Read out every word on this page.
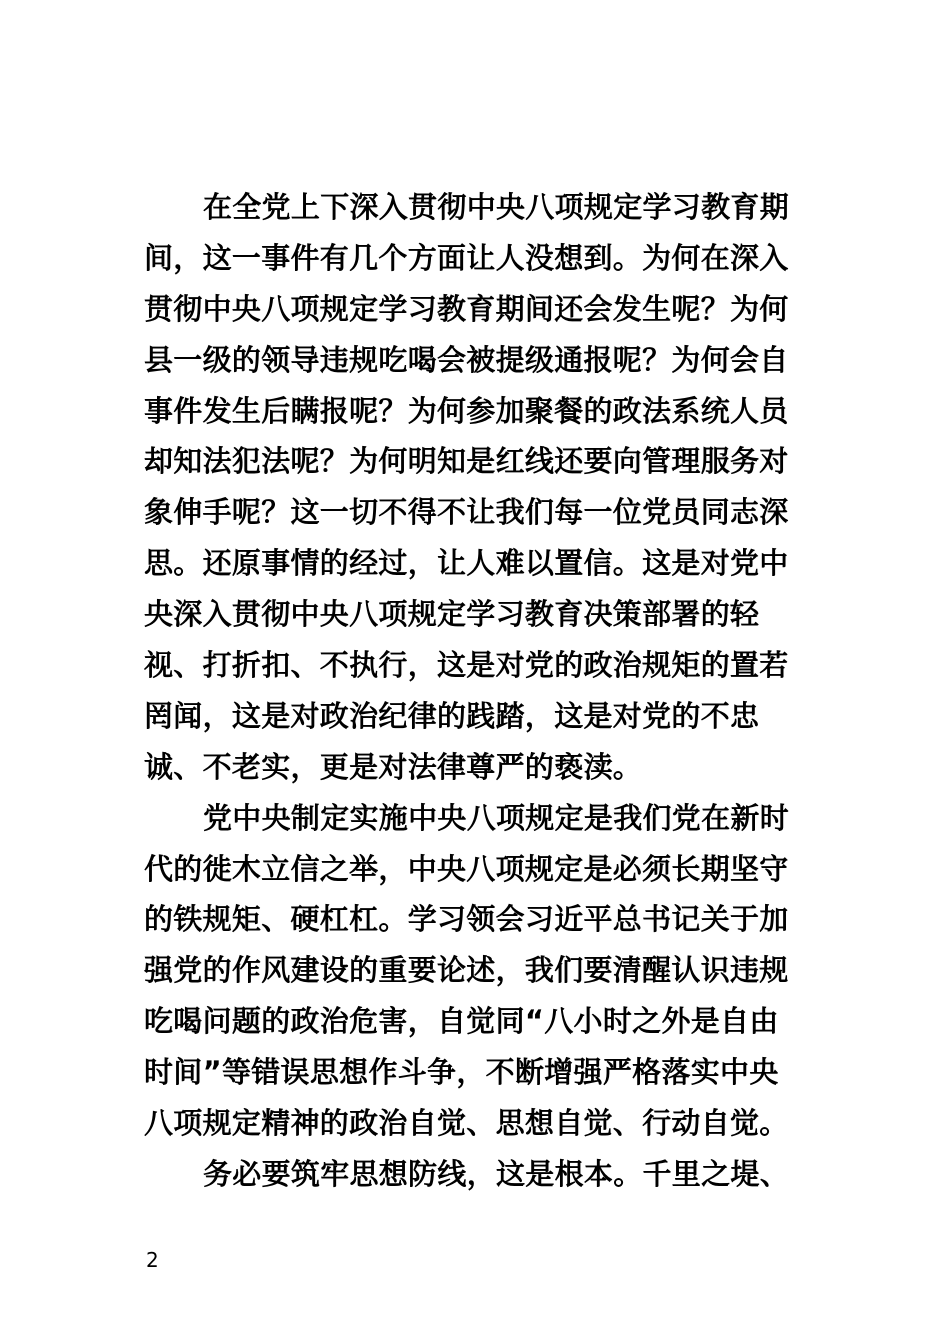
在全党上下深入贯彻中央八项规定学习教育期
间，这一事件有几个方面让人没想到。为何在深入
贯彻中央八项规定学习教育期间还会发生呢？为何
县一级的领导违规吃喝会被提级通报呢？为何会自
事件发生后瞒报呢？为何参加聚餐的政法系统人员
却知法犯法呢？为何明知是红线还要向管理服务对
象伸手呢？这一切不得不让我们每一位党员同志深
思。还原事情的经过，让人难以置信。这是对党中
央深入贯彻中央八项规定学习教育决策部署的轻
视、打折扣、不执行，这是对党的政治规矩的置若
罔闻，这是对政治纪律的践踏，这是对党的不忠
诚、不老实，更是对法律尊严的亵渎。
党中央制定实施中央八项规定是我们党在新时
代的徙木立信之举，中央八项规定是必须长期坚守
的铁规矩、硬杠杠。学习领会习近平总书记关于加
强党的作风建设的重要论述，我们要清醒认识违规
吃喝问题的政治危害，自觉同“八小时之外是自由
时间”等错误思想作斗争，不断增强严格落实中央
八项规定精神的政治自觉、思想自觉、行动自觉。
务必要筑牢思想防线，这是根本。千里之堤、
2
